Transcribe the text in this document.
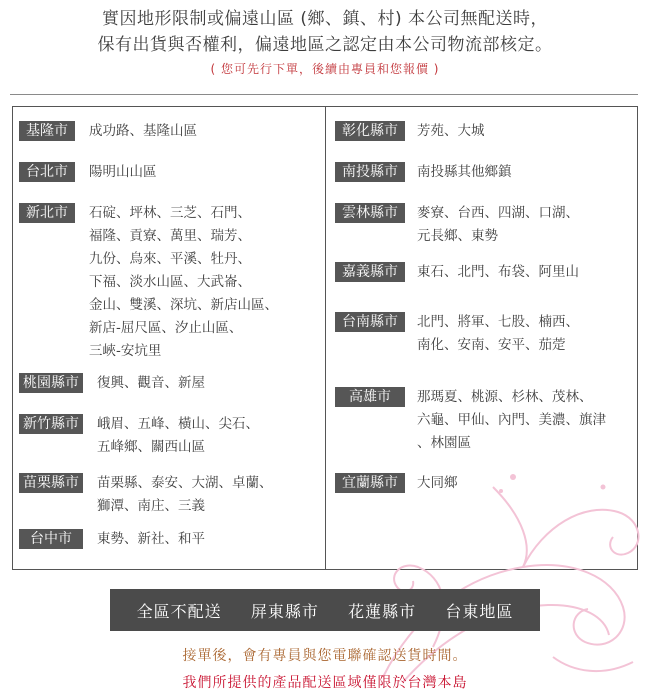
實因地形限制或偏遠山區 (鄉、鎮、村) 本公司無配送時，
保有出貨與否權利，偏遠地區之認定由本公司物流部核定。
( 您可先行下單，後續由專員和您報價 )
基隆市	成功路、基隆山區
台北市	陽明山山區
新北市	石碇、坪林、三芝、石門、
福隆、貢寮、萬里、瑞芳、
九份、烏來、平溪、牡丹、
下福、淡水山區、大武崙、
金山、雙溪、深坑、新店山區、
新店-屈尺區、汐止山區、
三峽-安坑里
桃園縣市 復興、觀音、新屋
新竹縣市 峨眉、五峰、橫山、尖石、
五峰鄉、關西山區
苗栗縣市 苗栗縣、泰安、大湖、卓蘭、
獅潭、南庄、三義
台中市	東勢、新社、和平
彰化縣市	芳苑、大城
南投縣市	南投縣其他鄉鎮
雲林縣市	麥寮、台西、四湖、口湖、
元長鄉、東勢
嘉義縣市	東石、北門、布袋、阿里山
台南縣市	北門、將軍、七股、楠西、
南化、安南、安平、茄萣
高雄市	那瑪夏、桃源、杉林、茂林、
六龜、甲仙、內門、美濃、旗津
、林園區
宜蘭縣市	大同鄉
全區不配送 屏東縣市 花蓮縣市 台東地區
接單後，會有專員與您電聯確認送貨時間。
我們所提供的產品配送區域僅限於台灣本島
